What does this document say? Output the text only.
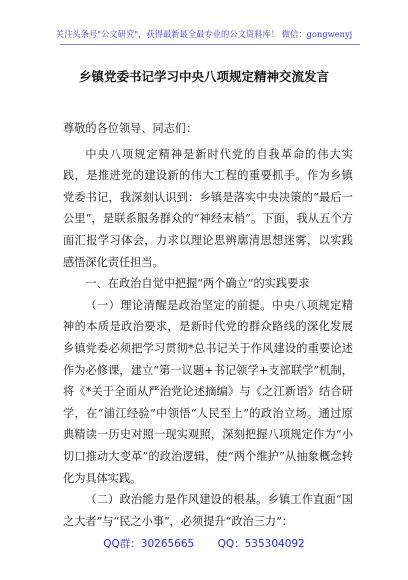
关注头条号"公文研究"，获得最新最全最专业的公文资料库！ 微信：gongwenyj
乡镇党委书记学习中央八项规定精神交流发言

尊敬的各位领导、同志们：

中央八项规定精神是新时代党的自我革命的伟大实践，是推进党的建设新的伟大工程的重要抓手。作为乡镇党委书记，我深刻认识到：乡镇是落实中央决策的“最后一公里”，是联系服务群众的“神经末梢”。下面，我从五个方面汇报学习体会，力求以理论思辨廓清思想迷雾，以实践感悟深化责任担当。

一、在政治自觉中把握“两个确立”的实践要求

（一）理论清醒是政治坚定的前提。中央八项规定精神的本质是政治要求，是新时代党的群众路线的深化发展乡镇党委必须把学习贯彻*总书记关于作风建设的重要论述作为必修课，建立“第一议题+书记领学+支部联学”机制，将《*关于全面从严治党论述摘编》与《之江新语》结合研学，在“浦江经验”中领悟“人民至上”的政治立场。通过原典精读一历史对照一现实观照，深刻把握八项规定作为“小切口推动大变革”的政治逻辑，使“两个维护”从抽象概念转化为具体实践。

（二）政治能力是作风建设的根基。乡镇工作直面“国之大者”与“民之小事”，必须提升“政治三力”：

QQ群：30265665 QQ：535304092
